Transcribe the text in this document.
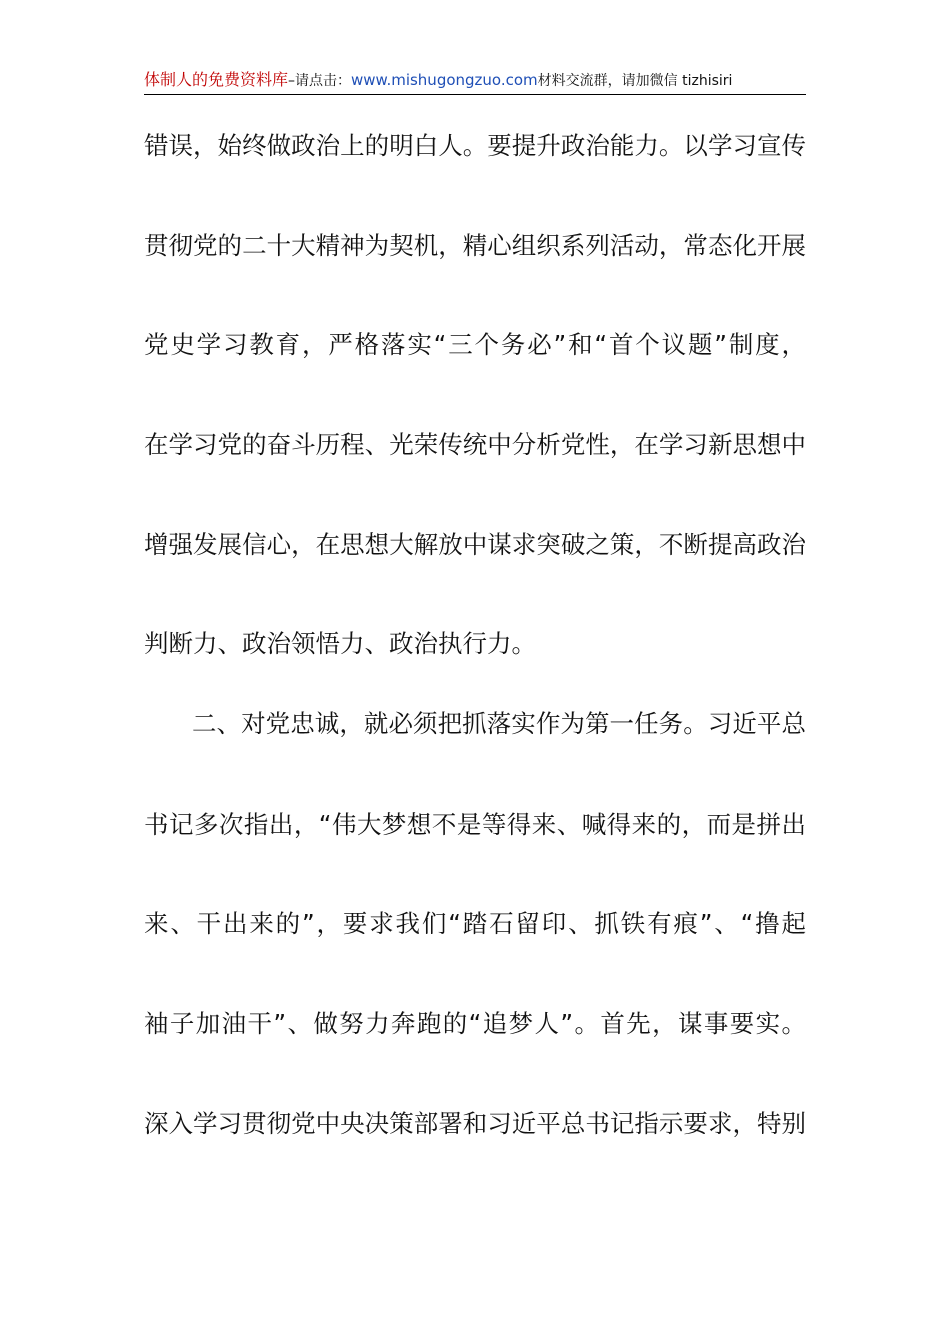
体制人的免费资料库–请点击：www.mishugongzuo.com材料交流群，请加微信 tizhisiri
错误，始终做政治上的明白人。要提升政治能力。以学习宣传
贯彻党的二十大精神为契机，精心组织系列活动，常态化开展
党史学习教育，严格落实“三个务必”和“首个议题”制度，
在学习党的奋斗历程、光荣传统中分析党性，在学习新思想中
增强发展信心，在思想大解放中谋求突破之策，不断提高政治
判断力、政治领悟力、政治执行力。
二、对党忠诚，就必须把抓落实作为第一任务。习近平总
书记多次指出，“伟大梦想不是等得来、喊得来的，而是拼出
来、干出来的”，要求我们“踏石留印、抓铁有痕”、“撸起
袖子加油干”、做努力奔跑的“追梦人”。首先，谋事要实。
深入学习贯彻党中央决策部署和习近平总书记指示要求，特别
